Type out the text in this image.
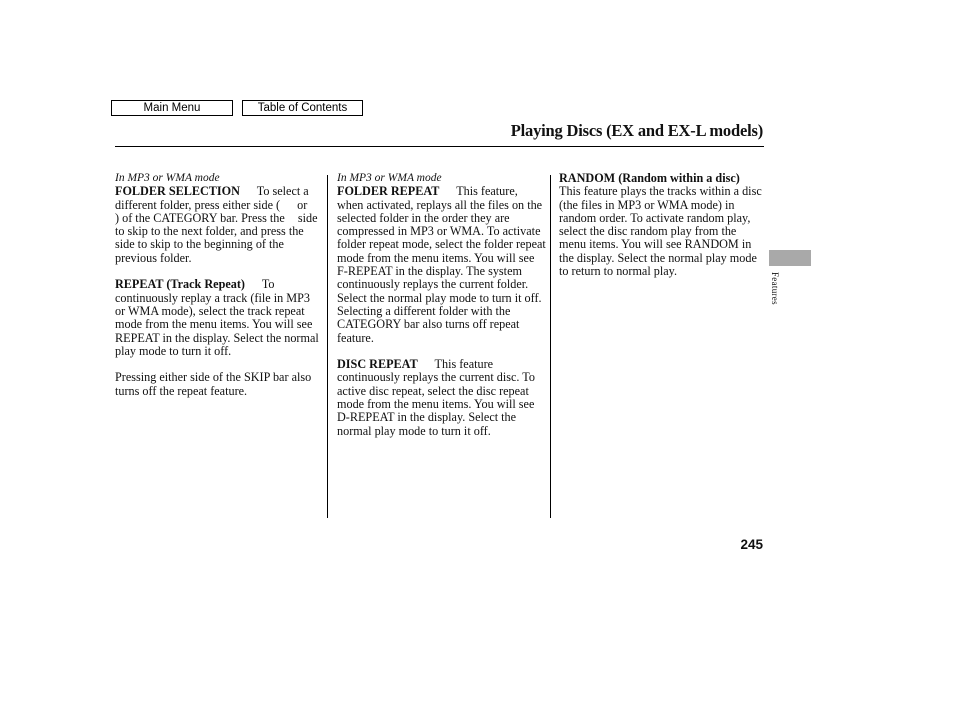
Main Menu	Table of Contents
Playing Discs (EX and EX-L models)
In MP3 or WMA mode

FOLDER SELECTION To select a different folder, press either side ( or ) of the CATEGORY bar. Press the side to skip to the next folder, and press the side to skip to the beginning of the previous folder.

REPEAT (Track Repeat) To continuously replay a track (file in MP3 or WMA mode), select the track repeat mode from the menu items. You will see REPEAT in the display. Select the normal play mode to turn it off.

Pressing either side of the SKIP bar also turns off the repeat feature.

In MP3 or WMA mode

FOLDER REPEAT This feature, when activated, replays all the files on the selected folder in the order they are compressed in MP3 or WMA. To activate folder repeat mode, select the folder repeat mode from the menu items. You will see F-REPEAT in the display. The system continuously replays the current folder. Select the normal play mode to turn it off. Selecting a different folder with the CATEGORY bar also turns off repeat feature.

DISC REPEAT This feature continuously replays the current disc. To active disc repeat, select the disc repeat mode from the menu items. You will see D-REPEAT in the display. Select the normal play mode to turn it off.

RANDOM (Random within a disc) This feature plays the tracks within a disc (the files in MP3 or WMA mode) in random order. To activate random play, select the disc random play from the menu items. You will see RANDOM in the display. Select the normal play mode to return to normal play.

Features
245
